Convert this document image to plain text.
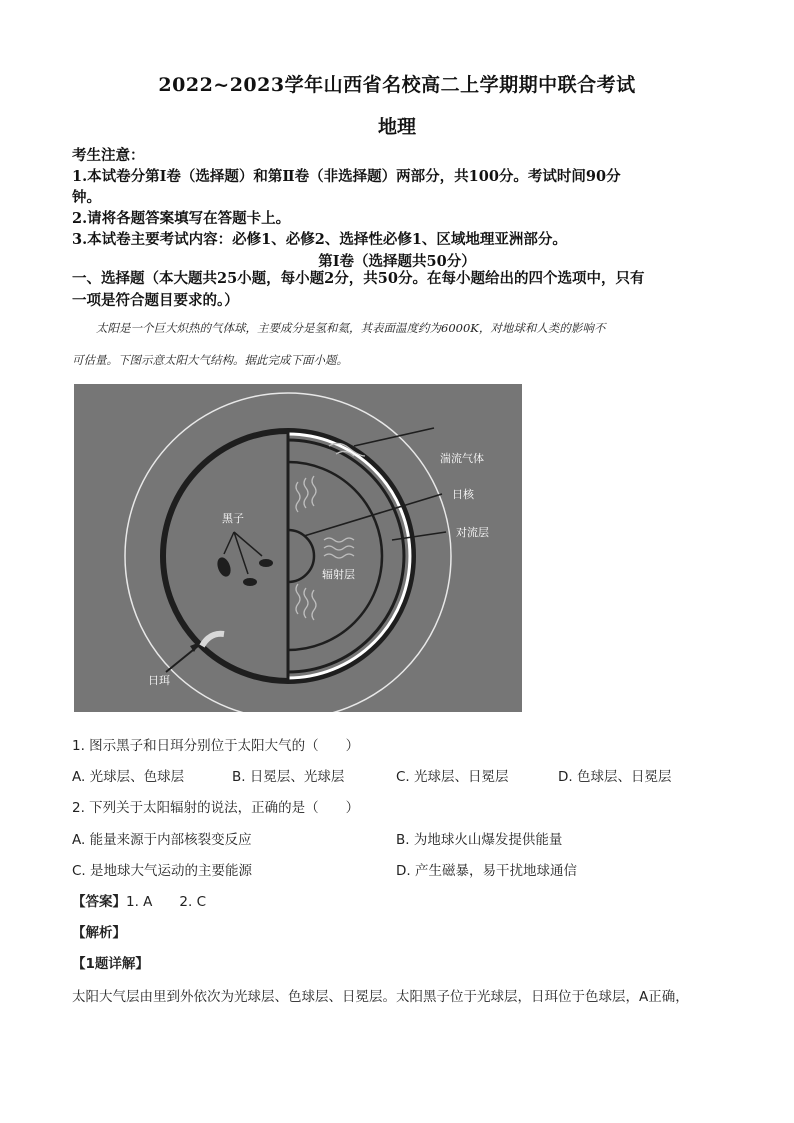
2022~2023学年山西省名校高二上学期期中联合考试
地理
考生注意：
1.本试卷分第Ⅰ卷（选择题）和第Ⅱ卷（非选择题）两部分，共100分。考试时间90分
钟。
2.请将各题答案填写在答题卡上。
3.本试卷主要考试内容：必修1、必修2、选择性必修1、区域地理亚洲部分。
第Ⅰ卷（选择题共50分）
一、选择题（本大题共25小题，每小题2分，共50分。在每小题给出的四个选项中，只有
一项是符合题目要求的。）
太阳是一个巨大炽热的气体球，主要成分是氢和氦，其表面温度约为6000K，对地球和人类的影响不
可估量。下图示意太阳大气结构。据此完成下面小题。
湍流气体
日核
对流层
辐射层
黑子
日珥
1. 图示黑子和日珥分别位于太阳大气的（　　）
A. 光球层、色球层	B. 日冕层、光球层	C. 光球层、日冕层	D. 色球层、日冕层
2. 下列关于太阳辐射的说法，正确的是（　　）
A. 能量来源于内部核裂变反应	B. 为地球火山爆发提供能量
C. 是地球大气运动的主要能源	D. 产生磁暴，易干扰地球通信
【答案】1. A　　2. C
【解析】
【1题详解】
太阳大气层由里到外依次为光球层、色球层、日冕层。太阳黑子位于光球层，日珥位于色球层，A正确，
